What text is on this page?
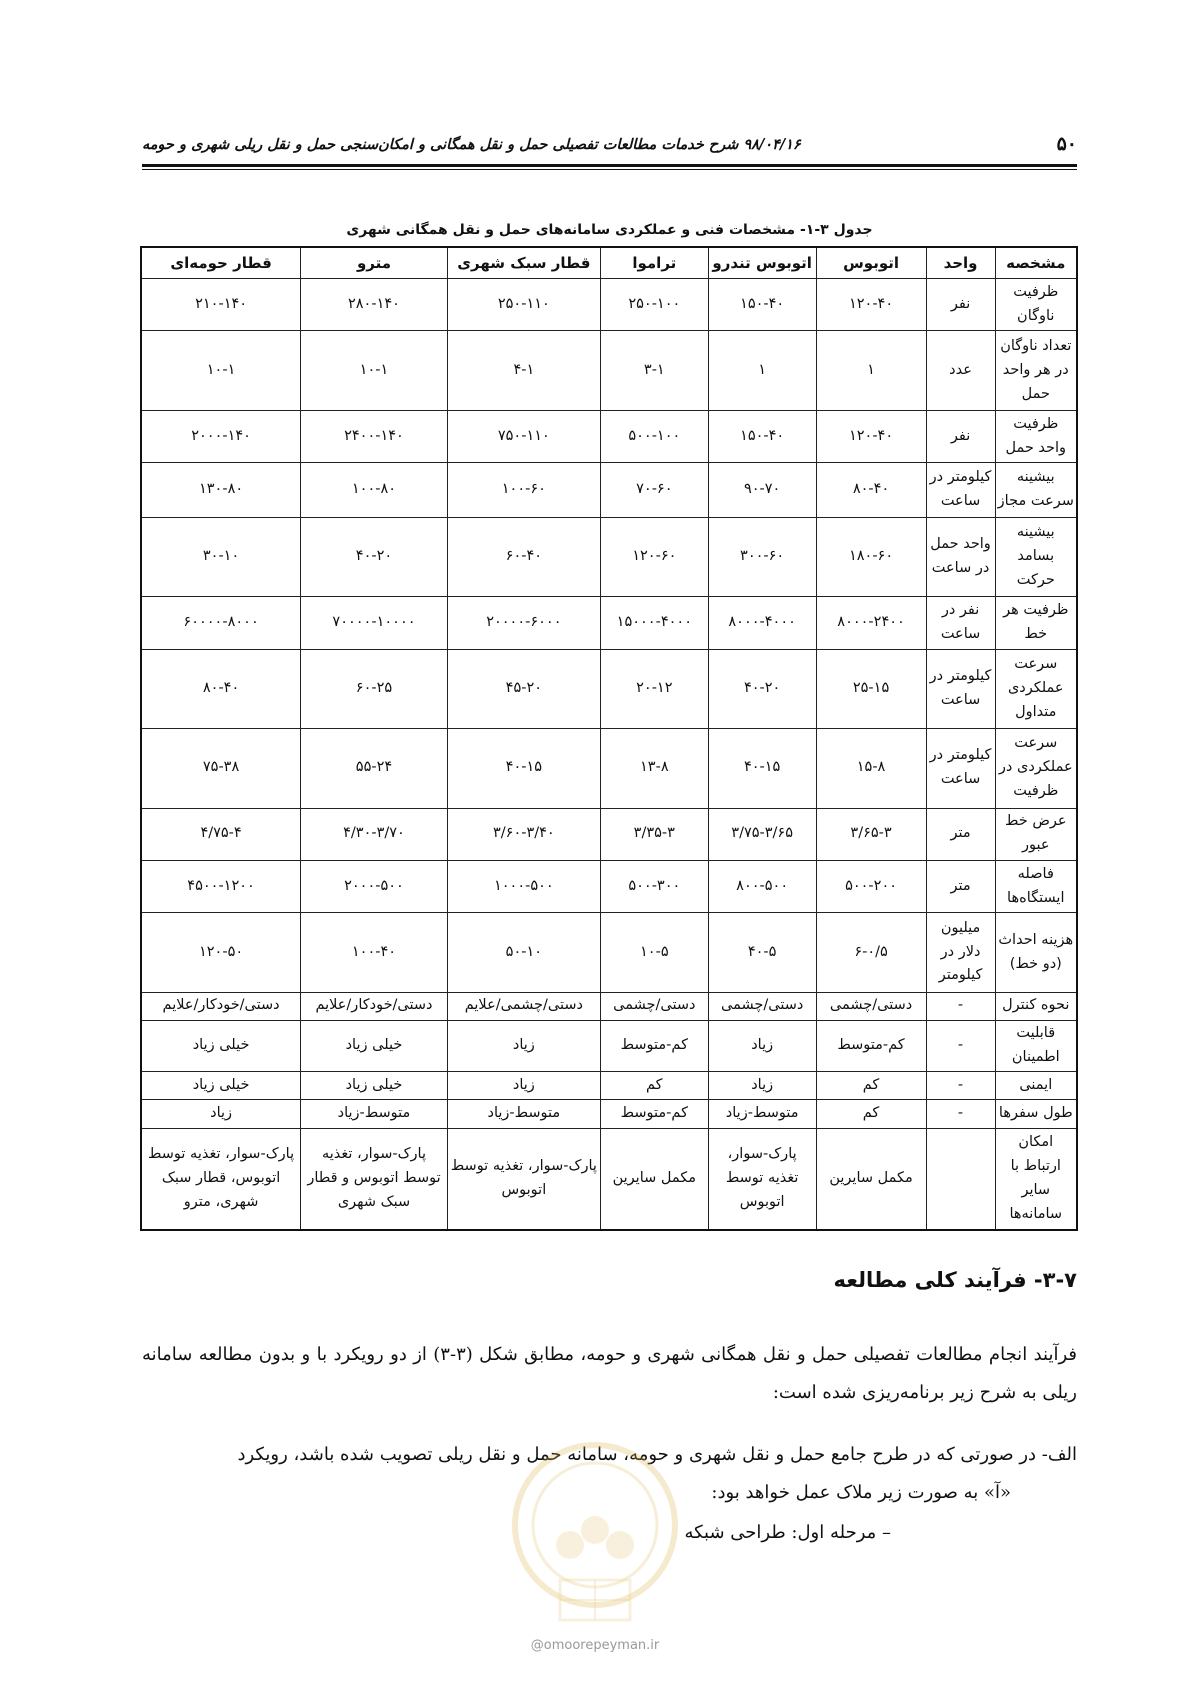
۵۰
۹۸/۰۴/۱۶ شرح خدمات مطالعات تفصیلی حمل و نقل همگانی و امکان‌سنجی حمل و نقل ریلی شهری و حومه
جدول ۳-۱- مشخصات فنی و عملکردی سامانه‌های حمل و نقل همگانی شهری
مشخصه	واحد	اتوبوس	اتوبوس تندرو	تراموا	قطار سبک شهری	مترو	قطار حومه‌ای
ظرفیت ناوگان	نفر	۱۲۰-۴۰	۱۵۰-۴۰	۲۵۰-۱۰۰	۲۵۰-۱۱۰	۲۸۰-۱۴۰	۲۱۰-۱۴۰
تعداد ناوگان در هر واحد حمل	عدد	۱	۱	۳-۱	۴-۱	۱۰-۱	۱۰-۱
ظرفیت واحد حمل	نفر	۱۲۰-۴۰	۱۵۰-۴۰	۵۰۰-۱۰۰	۷۵۰-۱۱۰	۲۴۰۰-۱۴۰	۲۰۰۰-۱۴۰
بیشینه سرعت مجاز	کیلومتر در ساعت	۸۰-۴۰	۹۰-۷۰	۷۰-۶۰	۱۰۰-۶۰	۱۰۰-۸۰	۱۳۰-۸۰
بیشینه بسامد حرکت	واحد حمل در ساعت	۱۸۰-۶۰	۳۰۰-۶۰	۱۲۰-۶۰	۶۰-۴۰	۴۰-۲۰	۳۰-۱۰
ظرفیت هر خط	نفر در ساعت	۸۰۰۰-۲۴۰۰	۸۰۰۰-۴۰۰۰	۱۵۰۰۰-۴۰۰۰	۲۰۰۰۰-۶۰۰۰	۷۰۰۰۰-۱۰۰۰۰	۶۰۰۰۰-۸۰۰۰
سرعت عملکردی متداول	کیلومتر در ساعت	۲۵-۱۵	۴۰-۲۰	۲۰-۱۲	۴۵-۲۰	۶۰-۲۵	۸۰-۴۰
سرعت عملکردی در ظرفیت	کیلومتر در ساعت	۱۵-۸	۴۰-۱۵	۱۳-۸	۴۰-۱۵	۵۵-۲۴	۷۵-۳۸
عرض خط عبور	متر	۳/۶۵-۳	۳/۷۵-۳/۶۵	۳/۳۵-۳	۳/۶۰-۳/۴۰	۴/۳۰-۳/۷۰	۴/۷۵-۴
فاصله ایستگاه‌ها	متر	۵۰۰-۲۰۰	۸۰۰-۵۰۰	۵۰۰-۳۰۰	۱۰۰۰-۵۰۰	۲۰۰۰-۵۰۰	۴۵۰۰-۱۲۰۰
هزینه احداث (دو خط)	میلیون دلار در کیلومتر	۶-۰/۵	۴۰-۵	۱۰-۵	۵۰-۱۰	۱۰۰-۴۰	۱۲۰-۵۰
نحوه کنترل	-	دستی/چشمی	دستی/چشمی	دستی/چشمی	دستی/چشمی/علایم	دستی/خودکار/علایم	دستی/خودکار/علایم
قابلیت اطمینان	-	کم-متوسط	زیاد	کم-متوسط	زیاد	خیلی زیاد	خیلی زیاد
ایمنی	-	کم	زیاد	کم	زیاد	خیلی زیاد	خیلی زیاد
طول سفرها	-	کم	متوسط-زیاد	کم-متوسط	متوسط-زیاد	متوسط-زیاد	زیاد
امکان ارتباط با سایر سامانه‌ها		مکمل سایرین	پارک-سوار، تغذیه توسط اتوبوس	مکمل سایرین	پارک-سوار، تغذیه توسط اتوبوس	پارک-سوار، تغذیه توسط اتوبوس و قطار سبک شهری	پارک-سوار، تغذیه توسط اتوبوس، قطار سبک شهری، مترو
۳-۷- فرآیند کلی مطالعه
فرآیند انجام مطالعات تفصیلی حمل و نقل همگانی شهری و حومه، مطابق شکل (۳-۳) از دو رویکرد با و بدون مطالعه سامانه ریلی به شرح زیر برنامه‌ریزی شده است:
الف- در صورتی که در طرح جامع حمل و نقل شهری و حومه، سامانه حمل و نقل ریلی تصویب شده باشد، رویکرد
«آ» به صورت زیر ملاک عمل خواهد بود:
– مرحله اول: طراحی شبکه
@omoorepeyman.ir
